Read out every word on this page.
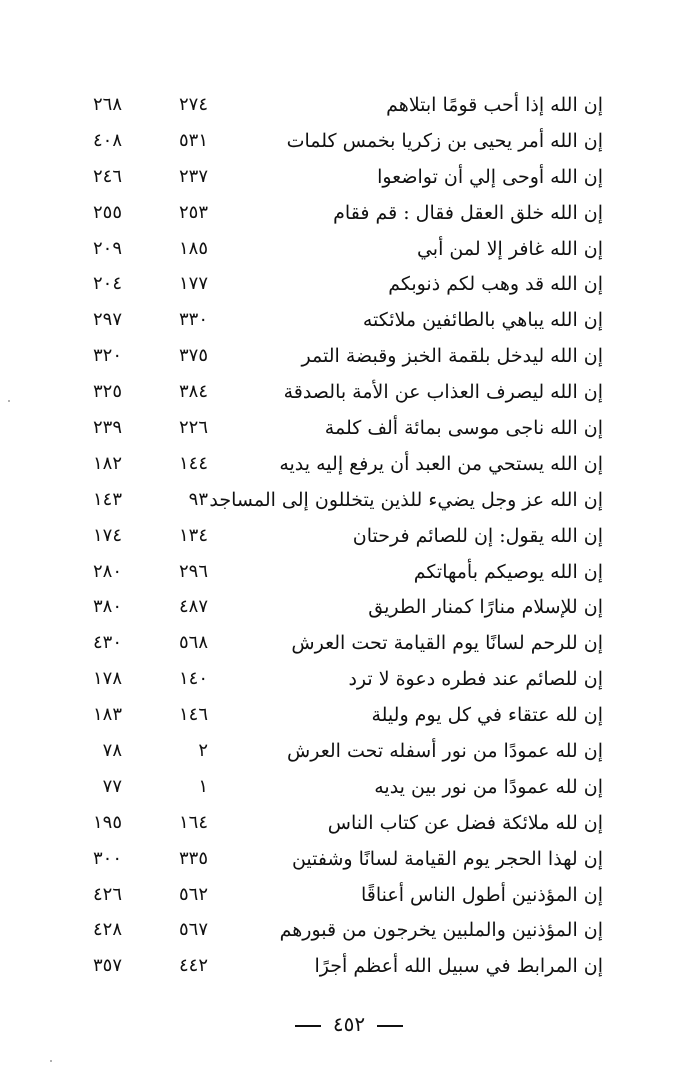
إن الله إذا أحب قومًا ابتلاهم
٢٧٤
٢٦٨
إن الله أمر يحيى بن زكريا بخمس كلمات
٥٣١
٤٠٨
إن الله أوحى إلي أن تواضعوا
٢٣٧
٢٤٦
إن الله خلق العقل فقال : قم فقام
٢٥٣
٢٥٥
إن الله غافر إلا لمن أبي
١٨٥
٢٠٩
إن الله قد وهب لكم ذنوبكم
١٧٧
٢٠٤
إن الله يباهي بالطائفين ملائكته
٣٣٠
٢٩٧
إن الله ليدخل بلقمة الخبز وقبضة التمر
٣٧٥
٣٢٠
إن الله ليصرف العذاب عن الأمة بالصدقة
٣٨٤
٣٢٥
إن الله ناجى موسى بمائة ألف كلمة
٢٢٦
٢٣٩
إن الله يستحي من العبد أن يرفع إليه يديه
١٤٤
١٨٢
إن الله عز وجل يضيء للذين يتخللون إلى المساجد
٩٣
١٤٣
إن الله يقول: إن للصائم فرحتان
١٣٤
١٧٤
إن الله يوصيكم بأمهاتكم
٢٩٦
٢٨٠
إن للإسلام منارًا كمنار الطريق
٤٨٧
٣٨٠
إن للرحم لسانًا يوم القيامة تحت العرش
٥٦٨
٤٣٠
إن للصائم عند فطره دعوة لا ترد
١٤٠
١٧٨
إن لله عتقاء في كل يوم وليلة
١٤٦
١٨٣
إن لله عمودًا من نور أسفله تحت العرش
٢
٧٨
إن لله عمودًا من نور بين يديه
١
٧٧
إن لله ملائكة فضل عن كتاب الناس
١٦٤
١٩٥
إن لهذا الحجر يوم القيامة لسانًا وشفتين
٣٣٥
٣٠٠
إن المؤذنين أطول الناس أعناقًا
٥٦٢
٤٢٦
إن المؤذنين والملبين يخرجون من قبورهم
٥٦٧
٤٢٨
إن المرابط في سبيل الله أعظم أجرًا
٤٤٢
٣٥٧
٤٥٢
